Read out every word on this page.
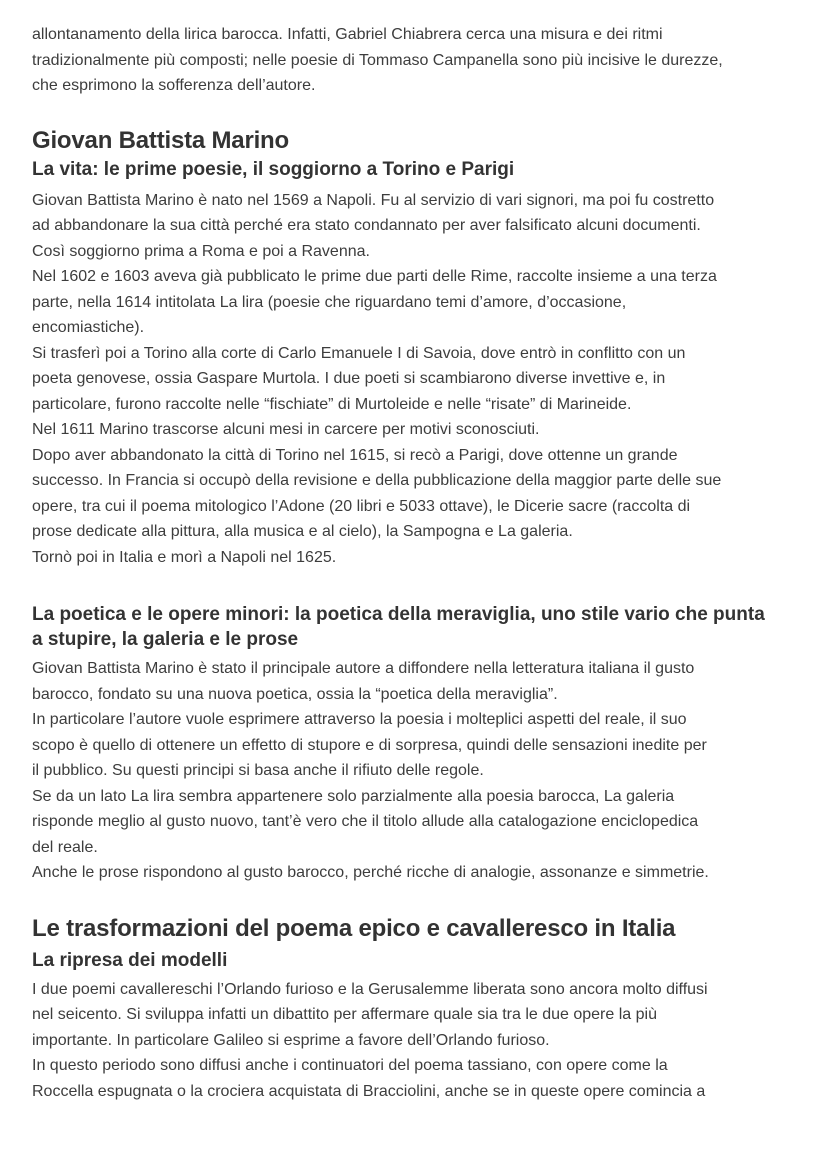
allontanamento della lirica barocca. Infatti, Gabriel Chiabrera cerca una misura e dei ritmi
tradizionalmente più composti; nelle poesie di Tommaso Campanella sono più incisive le durezze,
che esprimono la sofferenza dell’autore.
Giovan Battista Marino
La vita: le prime poesie, il soggiorno a Torino e Parigi
Giovan Battista Marino è nato nel 1569 a Napoli. Fu al servizio di vari signori, ma poi fu costretto
ad abbandonare la sua città perché era stato condannato per aver falsificato alcuni documenti.
Così soggiorno prima a Roma e poi a Ravenna.
Nel 1602 e 1603 aveva già pubblicato le prime due parti delle Rime, raccolte insieme a una terza
parte, nella 1614 intitolata La lira (poesie che riguardano temi d’amore, d’occasione,
encomiastiche).
Si trasferì poi a Torino alla corte di Carlo Emanuele I di Savoia, dove entrò in conflitto con un
poeta genovese, ossia Gaspare Murtola. I due poeti si scambiarono diverse invettive e, in
particolare, furono raccolte nelle “fischiate” di Murtoleide e nelle “risate” di Marineide.
Nel 1611 Marino trascorse alcuni mesi in carcere per motivi sconosciuti.
Dopo aver abbandonato la città di Torino nel 1615, si recò a Parigi, dove ottenne un grande
successo. In Francia si occupò della revisione e della pubblicazione della maggior parte delle sue
opere, tra cui il poema mitologico l’Adone (20 libri e 5033 ottave), le Dicerie sacre (raccolta di
prose dedicate alla pittura, alla musica e al cielo), la Sampogna e La galeria.
Tornò poi in Italia e morì a Napoli nel 1625.
La poetica e le opere minori: la poetica della meraviglia, uno stile vario che punta
a stupire, la galeria e le prose
Giovan Battista Marino è stato il principale autore a diffondere nella letteratura italiana il gusto
barocco, fondato su una nuova poetica, ossia la “poetica della meraviglia”.
In particolare l’autore vuole esprimere attraverso la poesia i molteplici aspetti del reale, il suo
scopo è quello di ottenere un effetto di stupore e di sorpresa, quindi delle sensazioni inedite per
il pubblico. Su questi principi si basa anche il rifiuto delle regole.
Se da un lato La lira sembra appartenere solo parzialmente alla poesia barocca, La galeria
risponde meglio al gusto nuovo, tant’è vero che il titolo allude alla catalogazione enciclopedica
del reale.
Anche le prose rispondono al gusto barocco, perché ricche di analogie, assonanze e simmetrie.
Le trasformazioni del poema epico e cavalleresco in Italia
La ripresa dei modelli
I due poemi cavallereschi l’Orlando furioso e la Gerusalemme liberata sono ancora molto diffusi
nel seicento. Si sviluppa infatti un dibattito per affermare quale sia tra le due opere la più
importante. In particolare Galileo si esprime a favore dell’Orlando furioso.
In questo periodo sono diffusi anche i continuatori del poema tassiano, con opere come la
Roccella espugnata o la crociera acquistata di Bracciolini, anche se in queste opere comincia a
